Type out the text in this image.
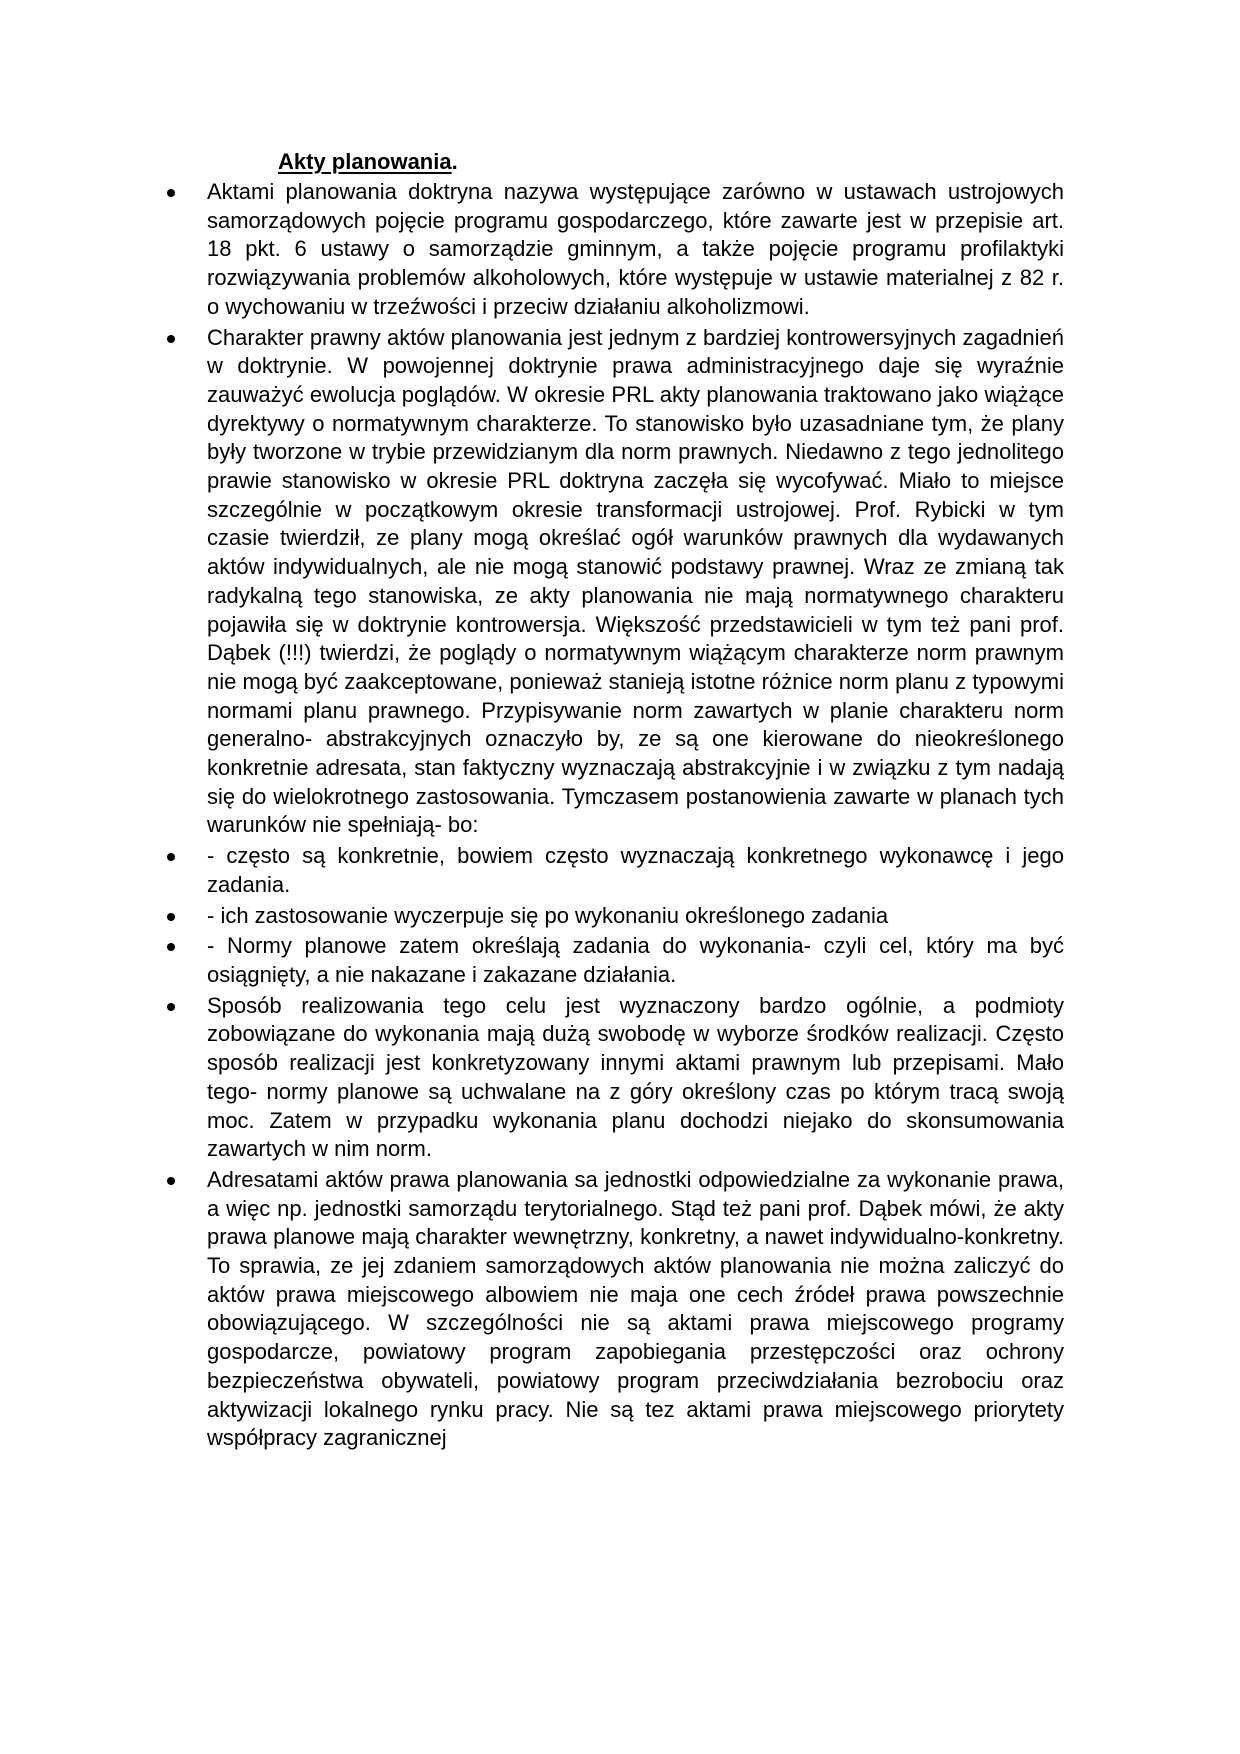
Akty planowania.
Aktami planowania doktryna nazywa występujące zarówno w ustawach ustrojowych samorządowych pojęcie programu gospodarczego, które zawarte jest w przepisie art. 18 pkt. 6 ustawy o samorządzie gminnym, a także pojęcie programu profilaktyki rozwiązywania problemów alkoholowych, które występuje w ustawie materialnej z 82 r. o wychowaniu w trzeźwości i przeciw działaniu alkoholizmowi.
Charakter prawny aktów planowania jest jednym z bardziej kontrowersyjnych zagadnień w doktrynie. W powojennej doktrynie prawa administracyjnego daje się wyraźnie zauważyć ewolucja poglądów. W okresie PRL akty planowania traktowano jako wiążące dyrektywy o normatywnym charakterze. To stanowisko było uzasadniane tym, że plany były tworzone w trybie przewidzianym dla norm prawnych. Niedawno z tego jednolitego prawie stanowisko w okresie PRL doktryna zaczęła się wycofywać. Miało to miejsce szczególnie w początkowym okresie transformacji ustrojowej. Prof. Rybicki w tym czasie twierdził, ze plany mogą określać ogół warunków prawnych dla wydawanych aktów indywidualnych, ale nie mogą stanowić podstawy prawnej. Wraz ze zmianą tak radykalną tego stanowiska, ze akty planowania nie mają normatywnego charakteru pojawiła się w doktrynie kontrowersja. Większość przedstawicieli w tym też pani prof. Dąbek (!!!) twierdzi, że poglądy o normatywnym wiążącym charakterze norm prawnym nie mogą być zaakceptowane, ponieważ stanieją istotne różnice norm planu z typowymi normami planu prawnego. Przypisywanie norm zawartych w planie charakteru norm generalno- abstrakcyjnych oznaczyło by, ze są one kierowane do nieokreślonego konkretnie adresata, stan faktyczny wyznaczają abstrakcyjnie i w związku z tym nadają się do wielokrotnego zastosowania. Tymczasem postanowienia zawarte w planach tych warunków nie spełniają- bo:
- często są konkretnie, bowiem często wyznaczają konkretnego wykonawcę i jego zadania.
- ich zastosowanie wyczerpuje się po wykonaniu określonego zadania
- Normy planowe zatem określają zadania do wykonania- czyli cel, który ma być osiągnięty, a nie nakazane i zakazane działania.
Sposób realizowania tego celu jest wyznaczony bardzo ogólnie, a podmioty zobowiązane do wykonania mają dużą swobodę w wyborze środków realizacji. Często sposób realizacji jest konkretyzowany innymi aktami prawnym lub przepisami. Mało tego- normy planowe są uchwalane na z góry określony czas po którym tracą swoją moc. Zatem w przypadku wykonania planu dochodzi niejako do skonsumowania zawartych w nim norm.
Adresatami aktów prawa planowania sa jednostki odpowiedzialne za wykonanie prawa, a więc np. jednostki samorządu terytorialnego. Stąd też pani prof. Dąbek mówi, że akty prawa planowe mają charakter wewnętrzny, konkretny, a nawet indywidualno-konkretny. To sprawia, ze jej zdaniem samorządowych aktów planowania nie można zaliczyć do aktów prawa miejscowego albowiem nie maja one cech źródeł prawa powszechnie obowiązującego. W szczególności nie są aktami prawa miejscowego programy gospodarcze, powiatowy program zapobiegania przestępczości oraz ochrony bezpieczeństwa obywateli, powiatowy program przeciwdziałania bezrobociu oraz aktywizacji lokalnego rynku pracy. Nie są tez aktami prawa miejscowego priorytety współpracy zagranicznej
